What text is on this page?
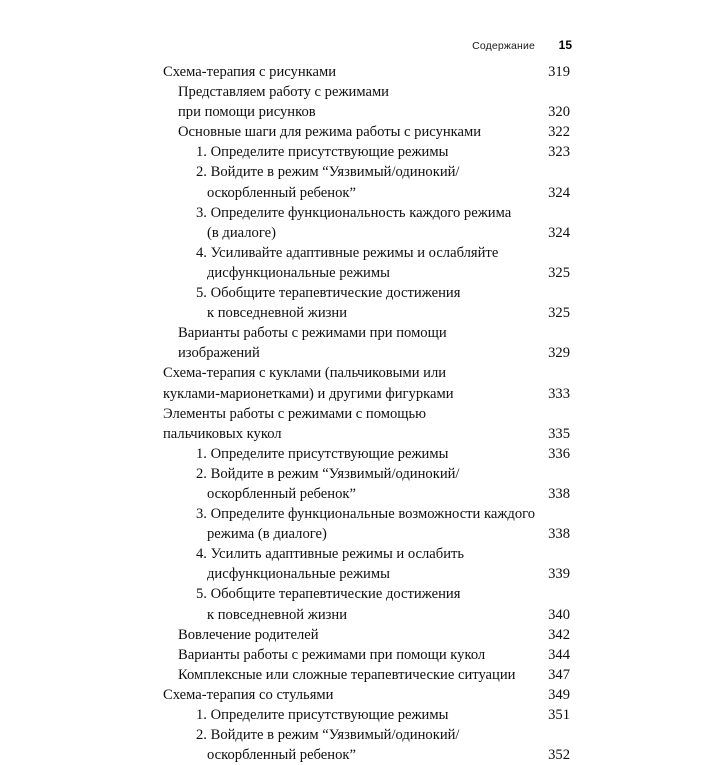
Содержание	15
Схема-терапия с рисунками	319
Представляем работу с режимами
при помощи рисунков	320
Основные шаги для режима работы с рисунками	322
1. Определите присутствующие режимы	323
2. Войдите в режим “Уязвимый/одинокий/
оскорбленный ребенок”	324
3. Определите функциональность каждого режима
(в диалоге)	324
4. Усиливайте адаптивные режимы и ослабляйте
дисфункциональные режимы	325
5. Обобщите терапевтические достижения
к повседневной жизни	325
Варианты работы с режимами при помощи
изображений	329
Схема-терапия с куклами (пальчиковыми или
куклами-марионетками) и другими фигурками	333
Элементы работы с режимами с помощью
пальчиковых кукол	335
1. Определите присутствующие режимы	336
2. Войдите в режим “Уязвимый/одинокий/
оскорбленный ребенок”	338
3. Определите функциональные возможности каждого
режима (в диалоге)	338
4. Усилить адаптивные режимы и ослабить
дисфункциональные режимы	339
5. Обобщите терапевтические достижения
к повседневной жизни	340
Вовлечение родителей	342
Варианты работы с режимами при помощи кукол	344
Комплексные или сложные терапевтические ситуации	347
Схема-терапия со стульями	349
1. Определите присутствующие режимы	351
2. Войдите в режим “Уязвимый/одинокий/
оскорбленный ребенок”	352
